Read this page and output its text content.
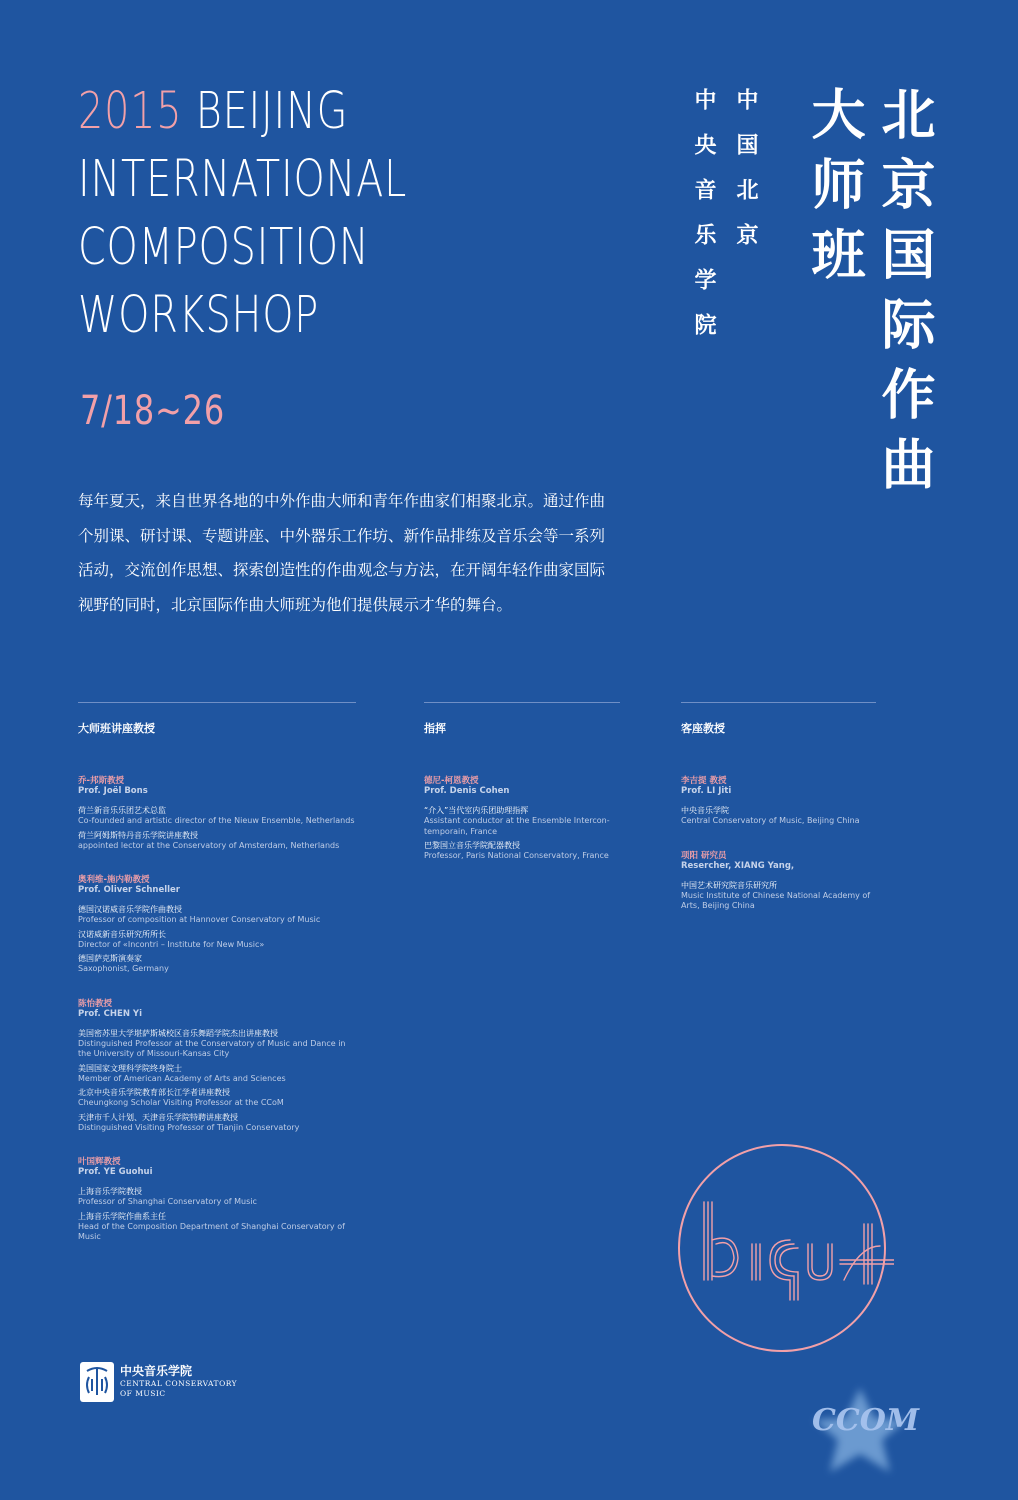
2015 BEIJING
INTERNATIONAL
COMPOSITION
WORKSHOP
7/18~26	北京国际作曲
大师班
中国北京
中央音乐学院

每年夏天，来自世界各地的中外作曲大师和青年作曲家们相聚北京。通过作曲个别课、研讨课、专题讲座、中外器乐工作坊、新作品排练及音乐会等一系列活动，交流创作思想、探索创造性的作曲观念与方法，在开阔年轻作曲家国际视野的同时，北京国际作曲大师班为他们提供展示才华的舞台。

大师班讲座教授
乔-邦斯教授
Prof. Joël Bons
荷兰新音乐乐团艺术总监
Co-founded and artistic director of the Nieuw Ensemble, Netherlands
荷兰阿姆斯特丹音乐学院讲座教授
appointed lector at the Conservatory of Amsterdam, Netherlands
奥利维-施内勒教授
Prof. Oliver Schneller
德国汉诺威音乐学院作曲教授
Professor of composition at Hannover Conservatory of Music
汉诺威新音乐研究所所长
Director of «Incontri – Institute for New Music»
德国萨克斯演奏家
Saxophonist, Germany
陈怡教授
Prof. CHEN Yi
美国密苏里大学堪萨斯城校区音乐舞蹈学院杰出讲座教授
Distinguished Professor at the Conservatory of Music and Dance in the University of Missouri-Kansas City
美国国家文理科学院终身院士
Member of American Academy of Arts and Sciences
北京中央音乐学院教育部长江学者讲座教授
Cheungkong Scholar Visiting Professor at the CCoM
天津市千人计划、天津音乐学院特聘讲座教授
Distinguished Visiting Professor of Tianjin Conservatory
叶国辉教授
Prof. YE Guohui
上海音乐学院教授
Professor of Shanghai Conservatory of Music
上海音乐学院作曲系主任
Head of the Composition Department of Shanghai Conservatory of Music
指挥
德尼-柯恩教授
Prof. Denis Cohen
“介入”当代室内乐团助理指挥
Assistant conductor at the Ensemble Intercon-temporain, France
巴黎国立音乐学院配器教授
Professor, Paris National Conservatory, France
客座教授
李吉提 教授
Prof. LI Jiti
中央音乐学院
Central Conservatory of Music, Beijing China
项阳 研究员
Resercher, XIANG Yang,
中国艺术研究院音乐研究所
Music Institute of Chinese National Academy of Arts, Beijing China
中央音乐学院
CENTRAL CONSERVATORY
OF MUSIC
CCOM
